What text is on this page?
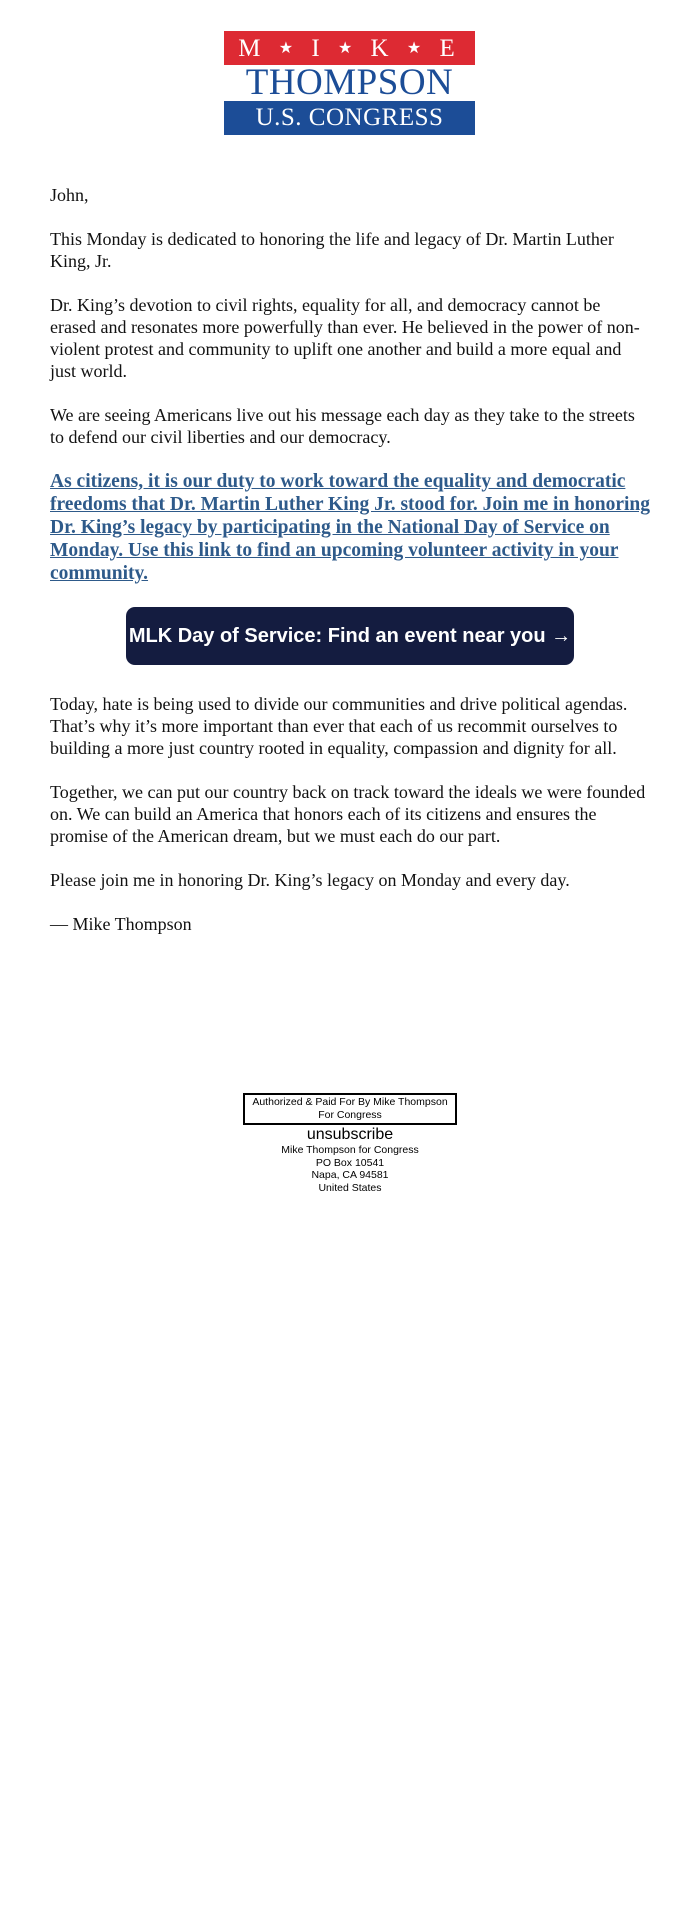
M ★ I ★ K ★ E
THOMPSON
U.S. CONGRESS

John,

This Monday is dedicated to honoring the life and legacy of Dr. Martin Luther King, Jr.

Dr. King’s devotion to civil rights, equality for all, and democracy cannot be erased and resonates more powerfully than ever. He believed in the power of non-violent protest and community to uplift one another and build a more equal and just world.

We are seeing Americans live out his message each day as they take to the streets to defend our civil liberties and our democracy.

As citizens, it is our duty to work toward the equality and democratic freedoms that Dr. Martin Luther King Jr. stood for. Join me in honoring Dr. King’s legacy by participating in the National Day of Service on Monday. Use this link to find an upcoming volunteer activity in your community.

MLK Day of Service: Find an event near you →

Today, hate is being used to divide our communities and drive political agendas. That’s why it’s more important than ever that each of us recommit ourselves to building a more just country rooted in equality, compassion and dignity for all.

Together, we can put our country back on track toward the ideals we were founded on. We can build an America that honors each of its citizens and ensures the promise of the American dream, but we must each do our part.

Please join me in honoring Dr. King’s legacy on Monday and every day.

— Mike Thompson

Authorized & Paid For By Mike Thompson For Congress
unsubscribe
Mike Thompson for Congress
PO Box 10541
Napa, CA 94581
United States
